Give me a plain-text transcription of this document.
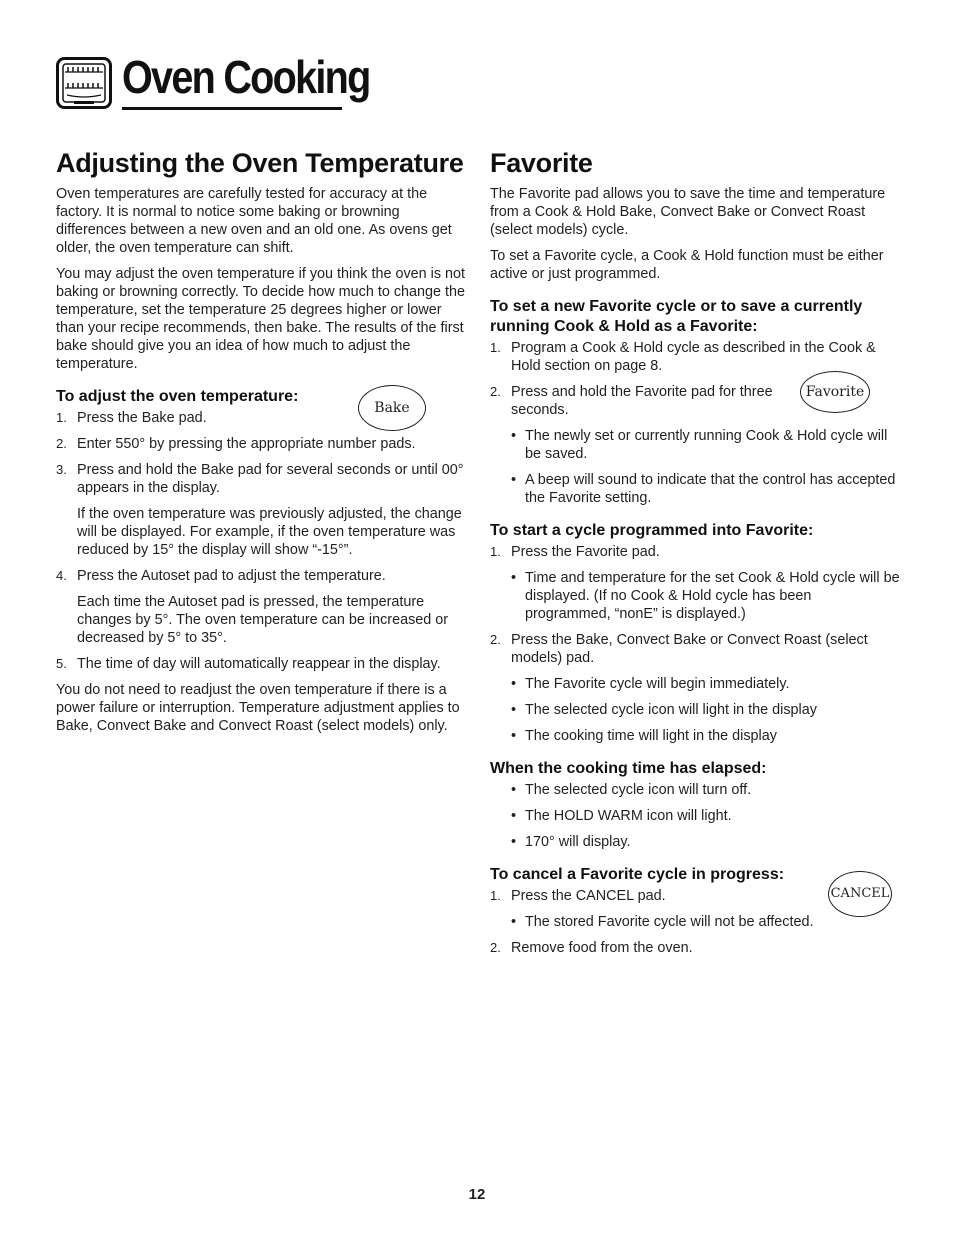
Oven Cooking
Adjusting the Oven Temperature

Oven temperatures are carefully tested for accuracy at the factory. It is normal to notice some baking or browning differences between a new oven and an old one. As ovens get older, the oven temperature can shift.

You may adjust the oven temperature if you think the oven is not baking or browning correctly. To decide how much to change the temperature, set the temperature 25 degrees higher or lower than your recipe recommends, then bake. The results of the first bake should give you an idea of how much to adjust the temperature.

To adjust the oven temperature:
Bake
1. Press the Bake pad.
2. Enter 550° by pressing the appropriate number pads.
3. Press and hold the Bake pad for several seconds or until 00° appears in the display.

If the oven temperature was previously adjusted, the change will be displayed. For example, if the oven temperature was reduced by 15° the display will show “-15°”.

4. Press the Autoset pad to adjust the temperature.

Each time the Autoset pad is pressed, the temperature changes by 5°. The oven temperature can be increased or decreased by 5° to 35°.

5. The time of day will automatically reappear in the display.

You do not need to readjust the oven temperature if there is a power failure or interruption. Temperature adjustment applies to Bake, Convect Bake and Convect Roast (select models) only.

Favorite

The Favorite pad allows you to save the time and temperature from a Cook & Hold Bake, Convect Bake or Convect Roast (select models) cycle.

To set a Favorite cycle, a Cook & Hold function must be either active or just programmed.

To set a new Favorite cycle or to save a currently running Cook & Hold as a Favorite:
1. Program a Cook & Hold cycle as described in the Cook & Hold section on page 8.
2. Press and hold the Favorite pad for three seconds.
Favorite
• The newly set or currently running Cook & Hold cycle will be saved.
• A beep will sound to indicate that the control has accepted the Favorite setting.
To start a cycle programmed into Favorite:
1. Press the Favorite pad.
• Time and temperature for the set Cook & Hold cycle will be displayed. (If no Cook & Hold cycle has been programmed, “nonE” is displayed.)
2. Press the Bake, Convect Bake or Convect Roast (select models) pad.
• The Favorite cycle will begin immediately.
• The selected cycle icon will light in the display
• The cooking time will light in the display
When the cooking time has elapsed:
• The selected cycle icon will turn off.
• The HOLD WARM icon will light.
• 170° will display.
To cancel a Favorite cycle in progress:
CANCEL
1. Press the CANCEL pad.
• The stored Favorite cycle will not be affected.
2. Remove food from the oven.
12
